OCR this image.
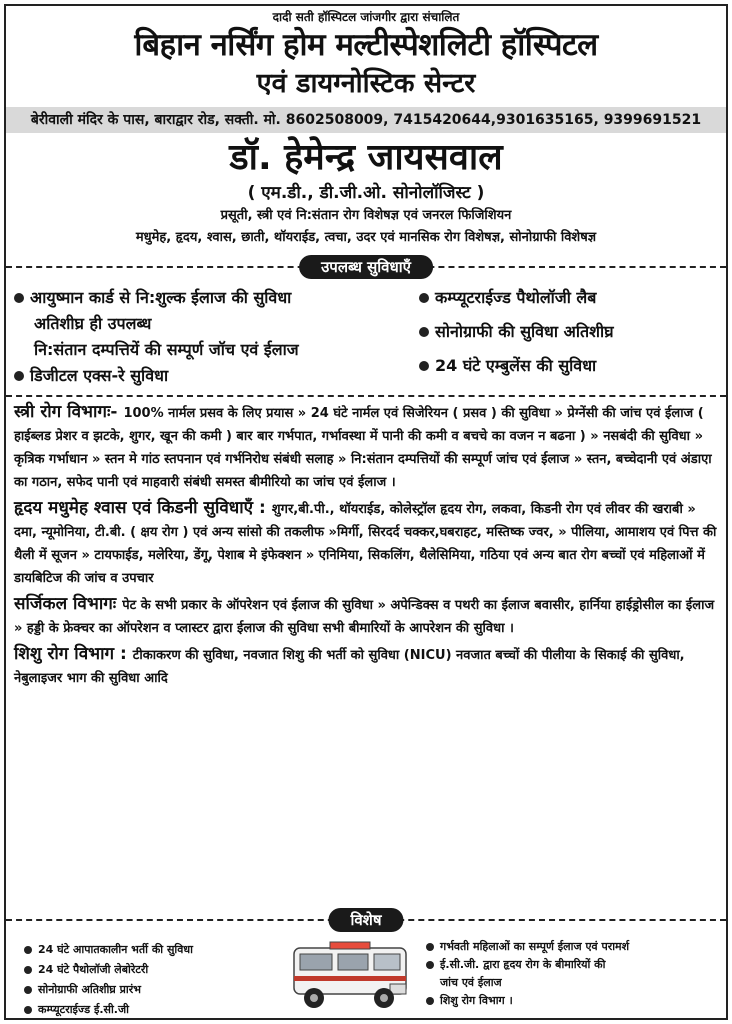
दादी सती हॉस्पिटल जांजगीर द्वारा संचालित
बिहान नर्सिंग होम मल्टीस्पेशलिटी हॉस्पिटल
एवं डायग्नोस्टिक सेन्टर
बेरीवाली मंदिर के पास, बाराद्वार रोड, सक्ती. मो. 8602508009, 7415420644,9301635165, 9399691521
डॉ. हेमेन्द्र जायसवाल
( एम.डी., डी.जी.ओ. सोनोलॉजिस्ट )
प्रसूती, स्त्री एवं नि:संतान रोग विशेषज्ञ एवं जनरल फिजिशियन
मधुमेह, हृदय, श्वास, छाती, थॉयराईड, त्वचा, उदर एवं मानसिक रोग विशेषज्ञ, सोनोग्राफी विशेषज्ञ
उपलब्ध सुविधाएँ
आयुष्मान कार्ड से नि:शुल्क ईलाज की सुविधा
अतिशीघ्र ही उपलब्ध
नि:संतान दम्पत्तियें की सम्पूर्ण जॉच एवं ईलाज
डिजीटल एक्स-रे सुविधा
कम्प्यूटराईज्ड पैथोलॉजी लैब
सोनोग्राफी की सुविधा अतिशीघ्र
24 घंटे एम्बुलेंस की सुविधा
स्त्री रोग विभागः- 100% नार्मल प्रसव के लिए प्रयास » 24 घंटे नार्मल एवं सिजेरियन ( प्रसव ) की सुविधा » प्रेग्नेंसी की जांच एवं ईलाज ( हाईब्लड प्रेशर व झटके, शुगर, खून की कमी ) बार बार गर्भपात, गर्भावस्था में पानी की कमी व बचचे का वजन न बढना ) » नसबंदी की सुविधा » कृत्रिक गर्भाधान » स्तन मे गांठ स्तपनान एवं गर्भनिरोध संबंधी सलाह » नि:संतान दम्पत्तियों की सम्पूर्ण जांच एवं ईलाज » स्तन, बच्चेदानी एवं अंडाएा का गठान, सफेद पानी एवं माहवारी संबंधी समस्त बीमीरियो का जांच एवं ईलाज ।
हृदय मधुमेह श्वास एवं किडनी सुविधाएँ : शुगर,बी.पी., थॉयराईड, कोलेस्ट्रॉल हृदय रोग, लकवा, किडनी रोग एवं लीवर की खराबी » दमा, न्यूमोनिया, टी.बी. ( क्षय रोग ) एवं अन्य सांसो की तकलीफ »मिर्गी, सिरदर्द चक्कर,घबराहट, मस्तिष्क ज्वर, » पीलिया, आमाशय एवं पित्त की थैली में सूजन » टायफाईड, मलेरिया, डेंगू, पेशाब मे इंफेक्शन » एनिमिया, सिकलिंग, थैलेसिमिया, गठिया एवं अन्य बात रोग बच्चों एवं महिलाओं में डायबिटिज की जांच व उपचार
सर्जिकल विभागः पेट के सभी प्रकार के ऑपरेशन एवं ईलाज की सुविधा » अपेन्डिक्स व पथरी का ईलाज बवासीर, हार्निया हाईड्रोसील का ईलाज » हड्डी के फ्रेक्चर का ऑपरेशन व प्लास्टर द्वारा ईलाज की सुविधा सभी बीमारियों के आपरेशन की सुविधा ।
शिशु रोग विभाग : टीकाकरण की सुविधा, नवजात शिशु की भर्ती को सुविधा (NICU) नवजात बच्चों की पीलीया के सिकाई की सुविधा, नेबुलाइजर भाग की सुविधा आदि
विशेष
24 घंटे आपातकालीन भर्ती की सुविधा
24 घंटे पैथोलॉजी लेबोरेटरी
सोनोग्राफी अतिशीघ्र प्रारंभ
कम्प्यूटराईज्ड ई.सी.जी
गर्भवती महिलाओं का सम्पूर्ण ईलाज एवं परामर्श
ई.सी.जी. द्वारा हृदय रोग के बीमारियों की
जांच एवं ईलाज
शिशु रोग विभाग ।
